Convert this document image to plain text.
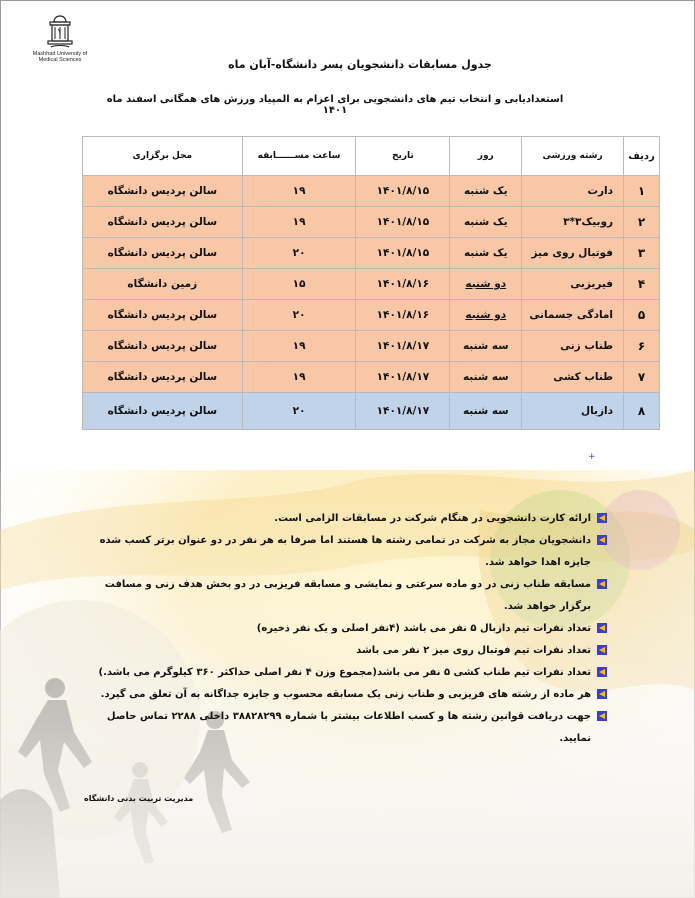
Mashhad University of
Medical Sciences	جدول مسابقات دانشجویان پسر دانشگاه-آبان ماه
استعدادیابی و انتخاب تیم های دانشجویی برای اعزام به المپیاد ورزش های همگانی اسفند ماه ۱۴۰۱
ردیف	رشته ورزشی	روز	تاریخ	ساعت مســــــابقه	محل برگزاری
۱	دارت	یک شنبه	۱۴۰۱/۸/۱۵	۱۹	سالن پردیس دانشگاه
۲	روبیک۳*۳	یک شنبه	۱۴۰۱/۸/۱۵	۱۹	سالن پردیس دانشگاه
۳	فوتبال روی میز	یک شنبه	۱۴۰۱/۸/۱۵	۲۰	سالن پردیس دانشگاه
۴	فیریزبی	دو شنبه	۱۴۰۱/۸/۱۶	۱۵	زمین دانشگاه
۵	امادگی جسمانی	دو شنبه	۱۴۰۱/۸/۱۶	۲۰	سالن پردیس دانشگاه
۶	طناب زنی	سه شنبه	۱۴۰۱/۸/۱۷	۱۹	سالن پردیس دانشگاه
۷	طناب کشی	سه شنبه	۱۴۰۱/۸/۱۷	۱۹	سالن پردیس دانشگاه
۸	دازبال	سه شنبه	۱۴۰۱/۸/۱۷	۲۰	سالن پردیس دانشگاه
+
ارائه کارت دانشجویی در هنگام شرکت در مسابقات الزامی است.
دانشجویان مجاز به شرکت در تمامی رشته ها هستند اما صرفا به هر نفر در دو عنوان برتر کسب شده جایزه اهدا خواهد شد.
مسابقه طناب زنی در دو ماده سرعتی و نمایشی و مسابقه فریزبی در دو بخش هدف زنی و مسافت برگزار خواهد شد.
تعداد نفرات تیم دازبال ۵ نفر می باشد (۴نفر اصلی و یک نفر ذخیره)
تعداد نفرات تیم فوتبال روی میز ۲ نفر می باشد
تعداد نفرات تیم طناب کشی ۵ نفر می باشد(مجموع وزن ۴ نفر اصلی حداکثر ۳۶۰ کیلوگرم می باشد.)
هر ماده از رشته های فریزبی و طناب زنی یک مسابقه محسوب و جایزه جداگانه به آن تعلق می گیرد.
جهت دریافت قوانین رشته ها و کسب اطلاعات بیشتر با شماره ۳۸۸۲۸۲۹۹ داخلی ۲۲۸۸ تماس حاصل نمایید.
مدیریت تربیت بدنی دانشگاه
